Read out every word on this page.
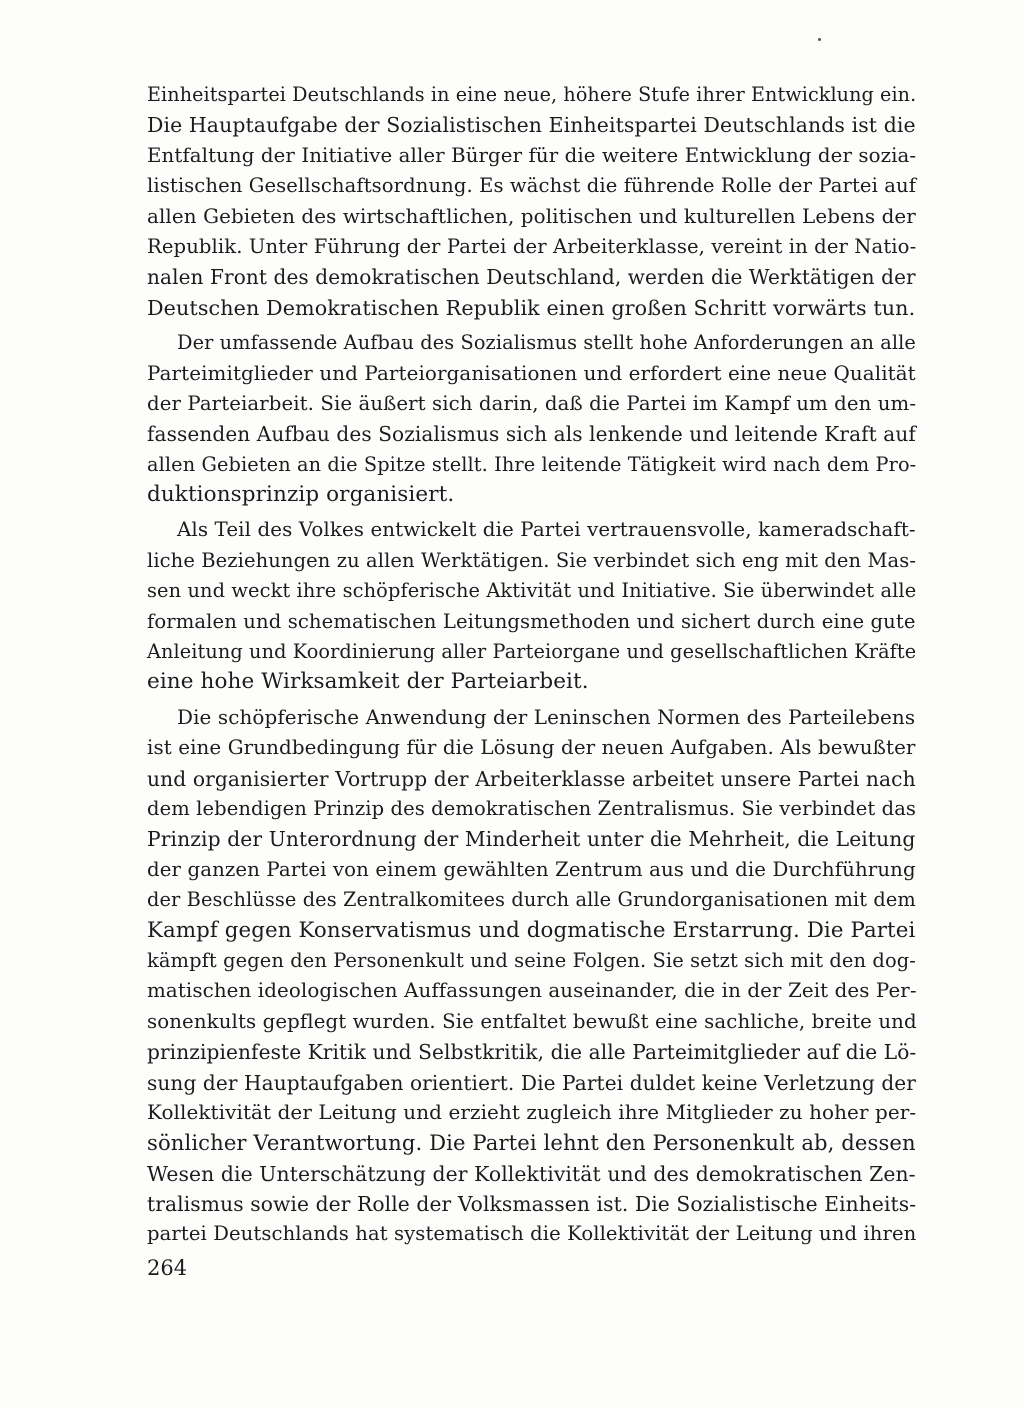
Einheitspartei Deutschlands in eine neue, höhere Stufe ihrer Entwicklung ein.
Die Hauptaufgabe der Sozialistischen Einheitspartei Deutschlands ist die
Entfaltung der Initiative aller Bürger für die weitere Entwicklung der sozia-
listischen Gesellschaftsordnung. Es wächst die führende Rolle der Partei auf
allen Gebieten des wirtschaftlichen, politischen und kulturellen Lebens der
Republik. Unter Führung der Partei der Arbeiterklasse, vereint in der Natio-
nalen Front des demokratischen Deutschland, werden die Werktätigen der
Deutschen Demokratischen Republik einen großen Schritt vorwärts tun.
Der umfassende Aufbau des Sozialismus stellt hohe Anforderungen an alle
Parteimitglieder und Parteiorganisationen und erfordert eine neue Qualität
der Parteiarbeit. Sie äußert sich darin, daß die Partei im Kampf um den um-
fassenden Aufbau des Sozialismus sich als lenkende und leitende Kraft auf
allen Gebieten an die Spitze stellt. Ihre leitende Tätigkeit wird nach dem Pro-
duktionsprinzip organisiert.
Als Teil des Volkes entwickelt die Partei vertrauensvolle, kameradschaft-
liche Beziehungen zu allen Werktätigen. Sie verbindet sich eng mit den Mas-
sen und weckt ihre schöpferische Aktivität und Initiative. Sie überwindet alle
formalen und schematischen Leitungsmethoden und sichert durch eine gute
Anleitung und Koordinierung aller Parteiorgane und gesellschaftlichen Kräfte
eine hohe Wirksamkeit der Parteiarbeit.
Die schöpferische Anwendung der Leninschen Normen des Parteilebens
ist eine Grundbedingung für die Lösung der neuen Aufgaben. Als bewußter
und organisierter Vortrupp der Arbeiterklasse arbeitet unsere Partei nach
dem lebendigen Prinzip des demokratischen Zentralismus. Sie verbindet das
Prinzip der Unterordnung der Minderheit unter die Mehrheit, die Leitung
der ganzen Partei von einem gewählten Zentrum aus und die Durchführung
der Beschlüsse des Zentralkomitees durch alle Grundorganisationen mit dem
Kampf gegen Konservatismus und dogmatische Erstarrung. Die Partei
kämpft gegen den Personenkult und seine Folgen. Sie setzt sich mit den dog-
matischen ideologischen Auffassungen auseinander, die in der Zeit des Per-
sonenkults gepflegt wurden. Sie entfaltet bewußt eine sachliche, breite und
prinzipienfeste Kritik und Selbstkritik, die alle Parteimitglieder auf die Lö-
sung der Hauptaufgaben orientiert. Die Partei duldet keine Verletzung der
Kollektivität der Leitung und erzieht zugleich ihre Mitglieder zu hoher per-
sönlicher Verantwortung. Die Partei lehnt den Personenkult ab, dessen
Wesen die Unterschätzung der Kollektivität und des demokratischen Zen-
tralismus sowie der Rolle der Volksmassen ist. Die Sozialistische Einheits-
partei Deutschlands hat systematisch die Kollektivität der Leitung und ihren
264
